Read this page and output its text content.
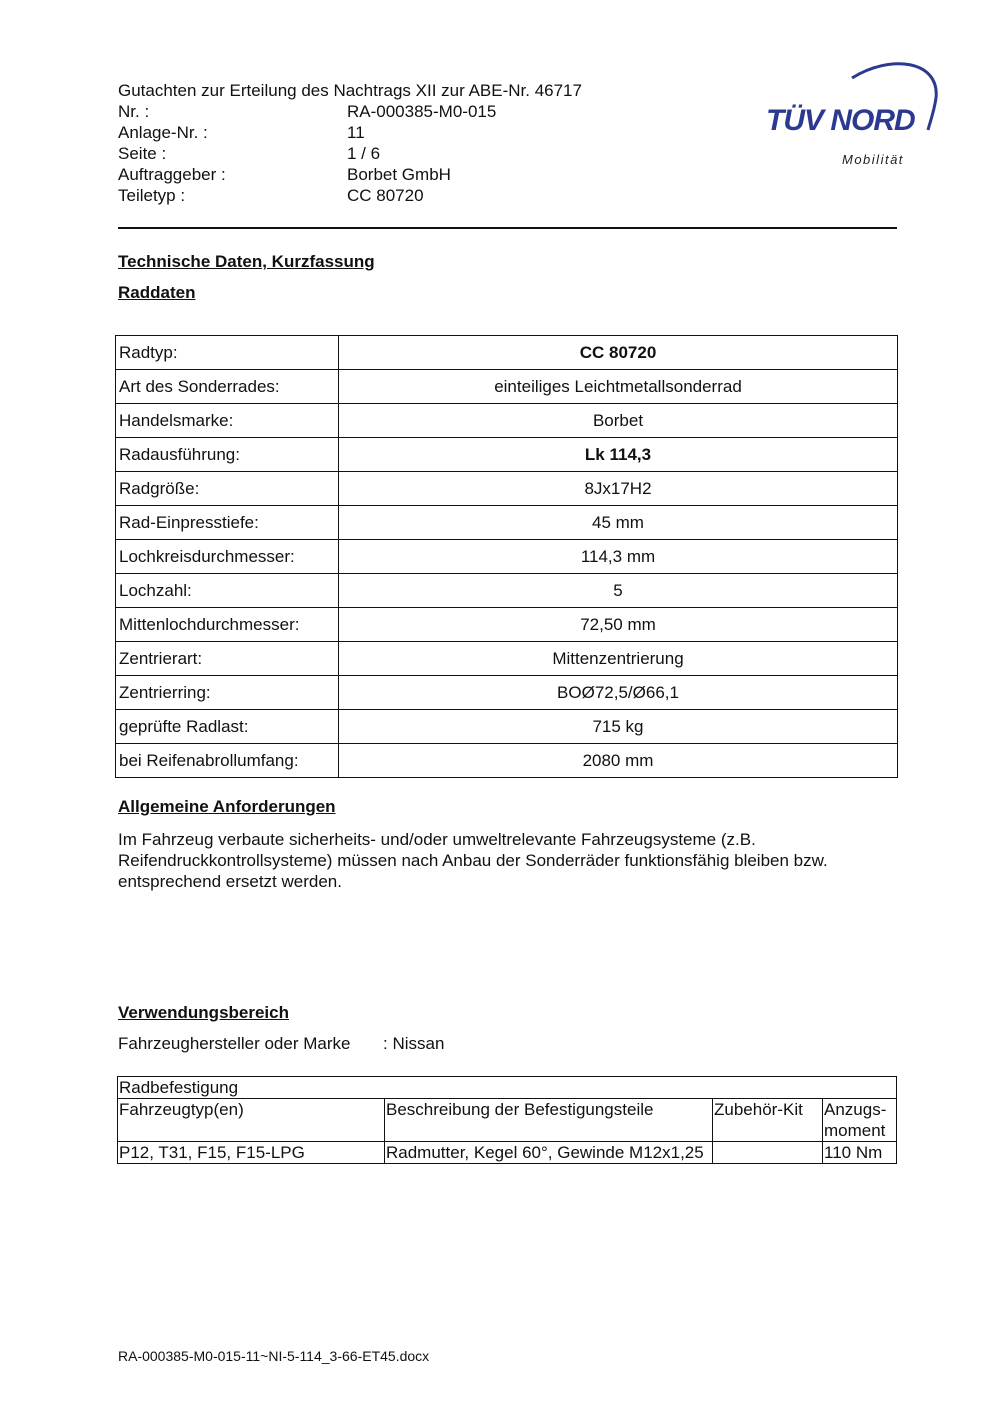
Gutachten zur Erteilung des Nachtrags XII zur ABE-Nr. 46717
Nr. :	RA-000385-M0-015
Anlage-Nr. :	11
Seite :	1 / 6
Auftraggeber :	Borbet GmbH
Teiletyp :	CC 80720
TÜV NORD
Mobilität
Technische Daten, Kurzfassung
Raddaten
Radtyp:	CC 80720
Art des Sonderrades:	einteiliges Leichtmetallsonderrad
Handelsmarke:	Borbet
Radausführung:	Lk 114,3
Radgröße:	8Jx17H2
Rad-Einpresstiefe:	45 mm
Lochkreisdurchmesser:	114,3 mm
Lochzahl:	5
Mittenlochdurchmesser:	72,50 mm
Zentrierart:	Mittenzentrierung
Zentrierring:	BOØ72,5/Ø66,1
geprüfte Radlast:	715 kg
bei Reifenabrollumfang:	2080 mm
Allgemeine Anforderungen
Im Fahrzeug verbaute sicherheits- und/oder umweltrelevante Fahrzeugsysteme (z.B. Reifendruckkontrollsysteme) müssen nach Anbau der Sonderräder funktionsfähig bleiben bzw. entsprechend ersetzt werden.
Verwendungsbereich
Fahrzeughersteller oder Marke : Nissan
Radbefestigung			
Fahrzeugtyp(en)	Beschreibung der Befestigungsteile	Zubehör-Kit	Anzugs-moment
P12, T31, F15, F15-LPG	Radmutter, Kegel 60°, Gewinde M12x1,25		110 Nm
RA-000385-M0-015-11~NI-5-114_3-66-ET45.docx
